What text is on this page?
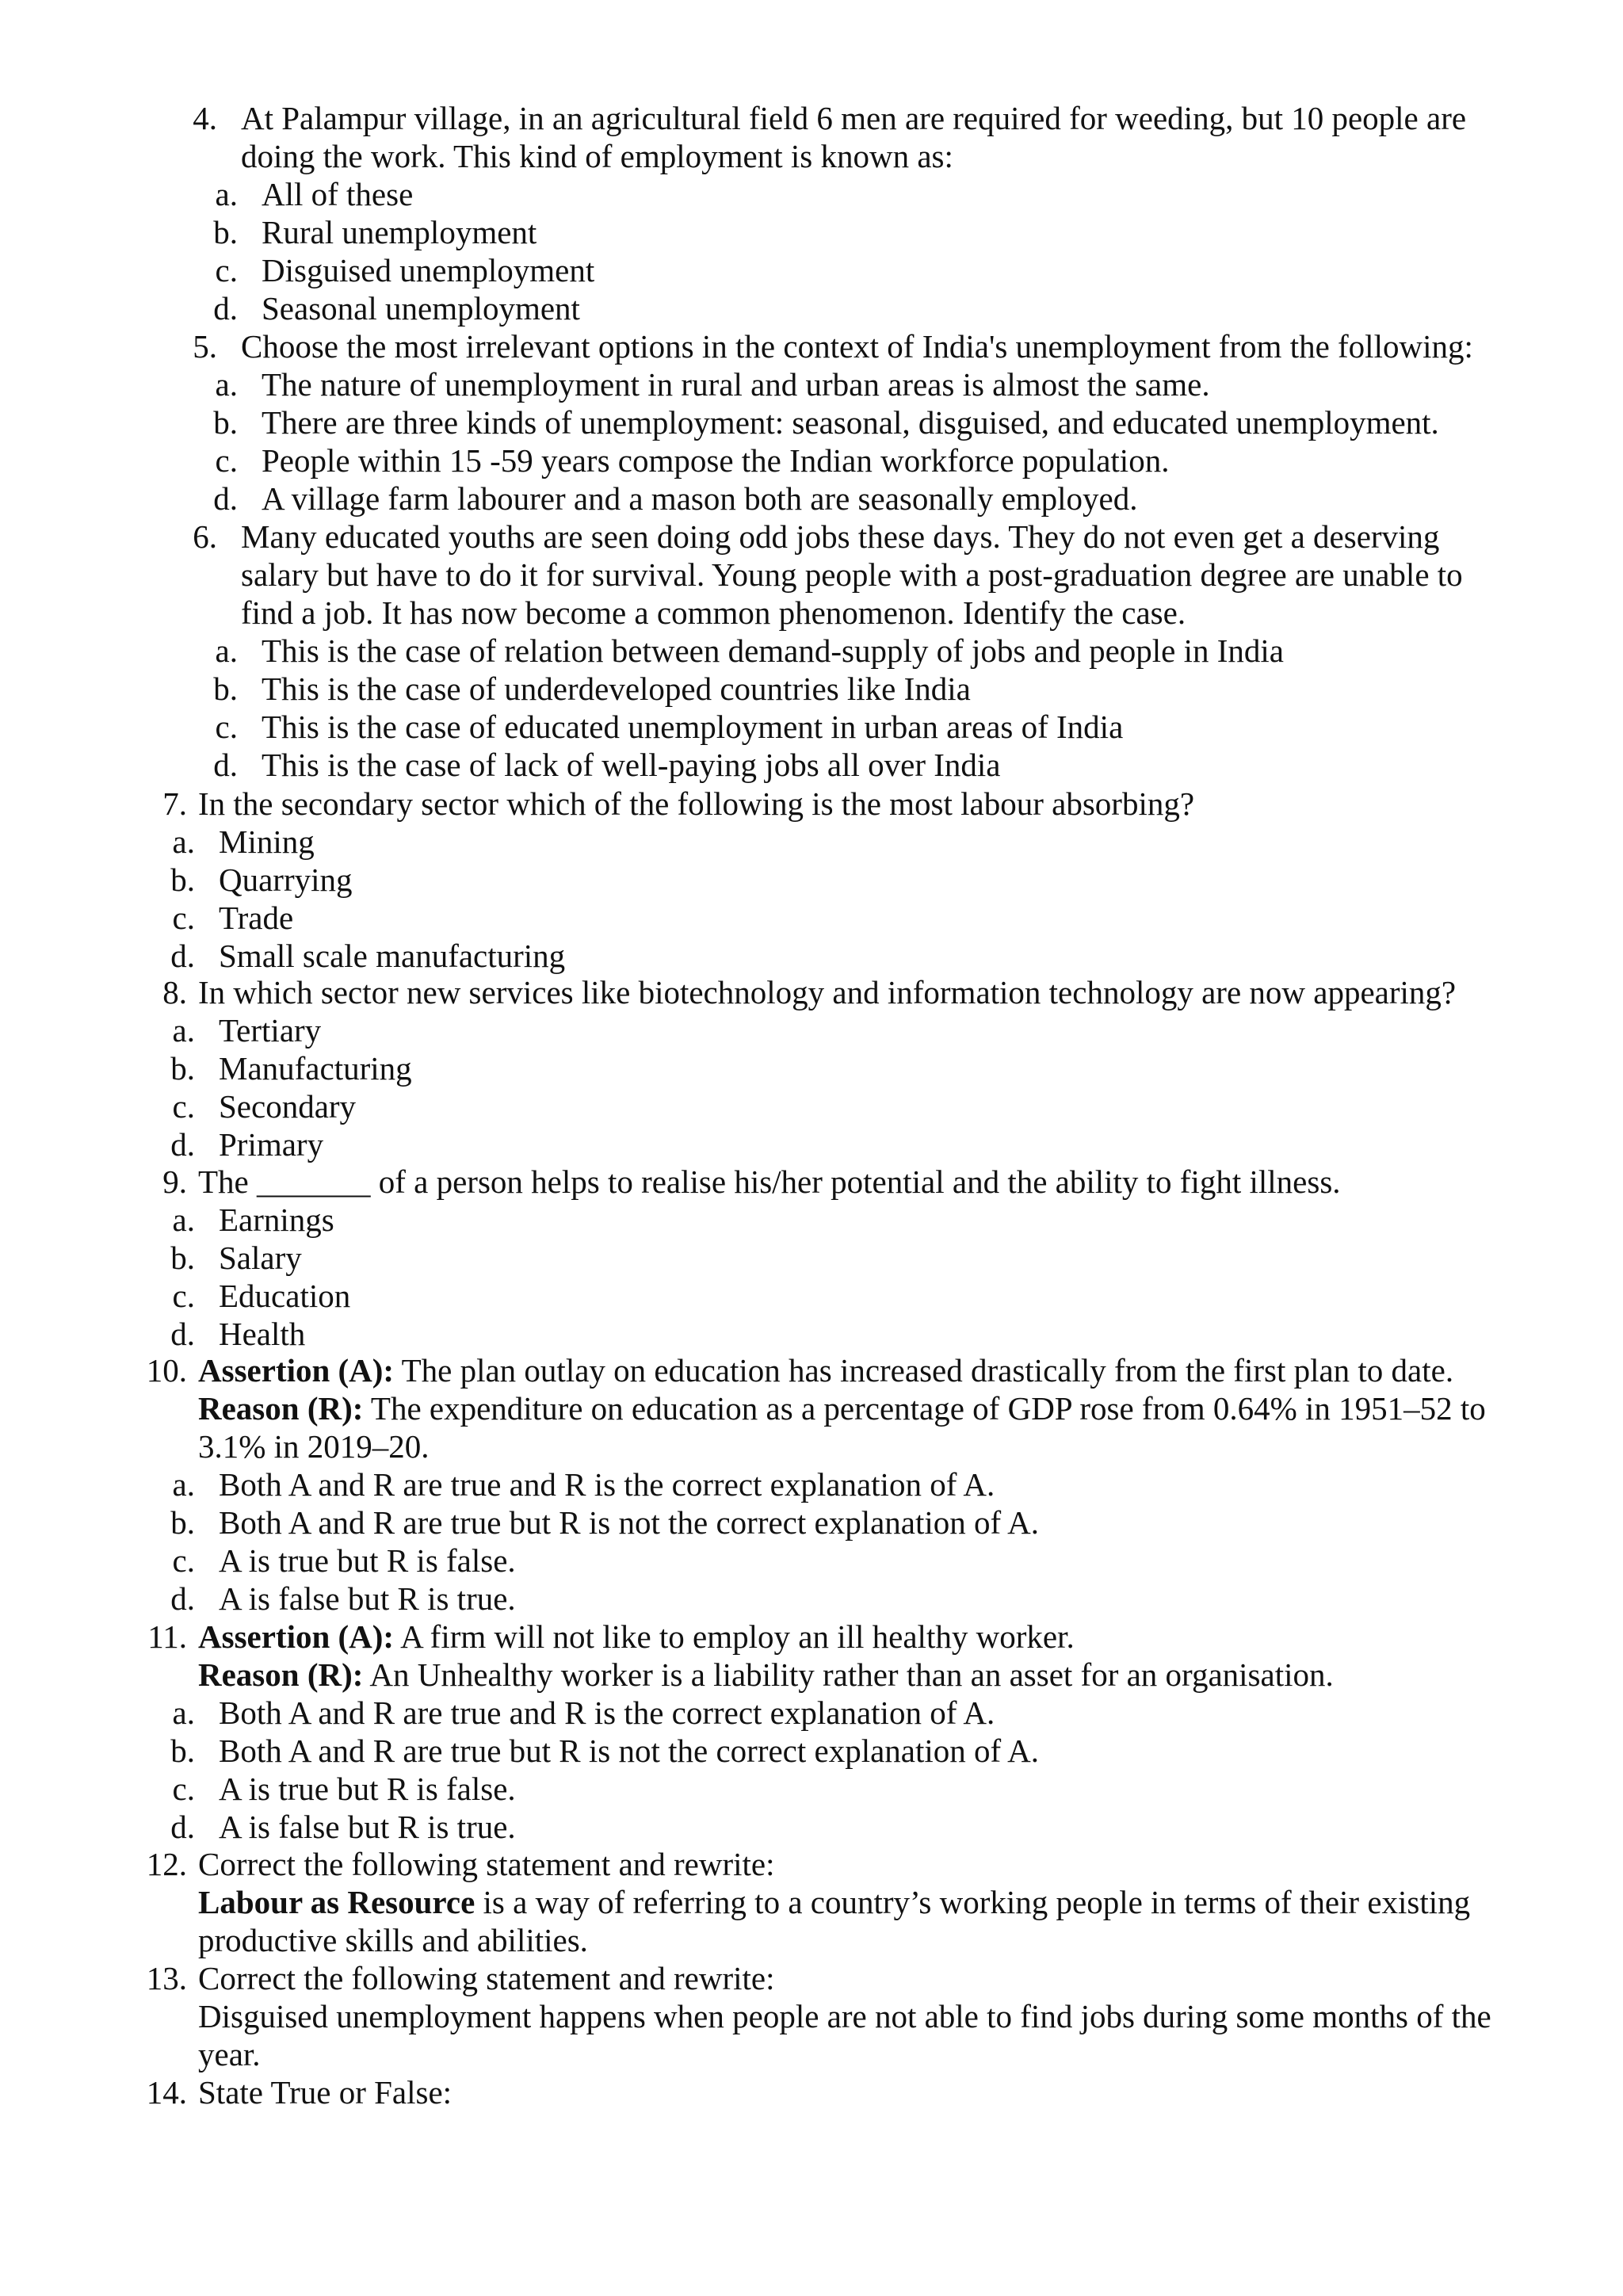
4. At Palampur village, in an agricultural field 6 men are required for weeding, but 10 people are
doing the work. This kind of employment is known as:
a. All of these
b. Rural unemployment
c. Disguised unemployment
d. Seasonal unemployment
5. Choose the most irrelevant options in the context of India's unemployment from the following:
a. The nature of unemployment in rural and urban areas is almost the same.
b. There are three kinds of unemployment: seasonal, disguised, and educated unemployment.
c. People within 15 -59 years compose the Indian workforce population.
d. A village farm labourer and a mason both are seasonally employed.
6. Many educated youths are seen doing odd jobs these days. They do not even get a deserving
salary but have to do it for survival. Young people with a post-graduation degree are unable to
find a job. It has now become a common phenomenon. Identify the case.
a. This is the case of relation between demand-supply of jobs and people in India
b. This is the case of underdeveloped countries like India
c. This is the case of educated unemployment in urban areas of India
d. This is the case of lack of well-paying jobs all over India
7. In the secondary sector which of the following is the most labour absorbing?
a. Mining
b. Quarrying
c. Trade
d. Small scale manufacturing
8. In which sector new services like biotechnology and information technology are now appearing?
a. Tertiary
b. Manufacturing
c. Secondary
d. Primary
9. The _______ of a person helps to realise his/her potential and the ability to fight illness.
a. Earnings
b. Salary
c. Education
d. Health
10. Assertion (A): The plan outlay on education has increased drastically from the first plan to date.
Reason (R): The expenditure on education as a percentage of GDP rose from 0.64% in 1951–52 to
3.1% in 2019–20.
a. Both A and R are true and R is the correct explanation of A.
b. Both A and R are true but R is not the correct explanation of A.
c. A is true but R is false.
d. A is false but R is true.
11. Assertion (A): A firm will not like to employ an ill healthy worker.
Reason (R): An Unhealthy worker is a liability rather than an asset for an organisation.
a. Both A and R are true and R is the correct explanation of A.
b. Both A and R are true but R is not the correct explanation of A.
c. A is true but R is false.
d. A is false but R is true.
12. Correct the following statement and rewrite:
Labour as Resource is a way of referring to a country’s working people in terms of their existing
productive skills and abilities.
13. Correct the following statement and rewrite:
Disguised unemployment happens when people are not able to find jobs during some months of the
year.
14. State True or False:
